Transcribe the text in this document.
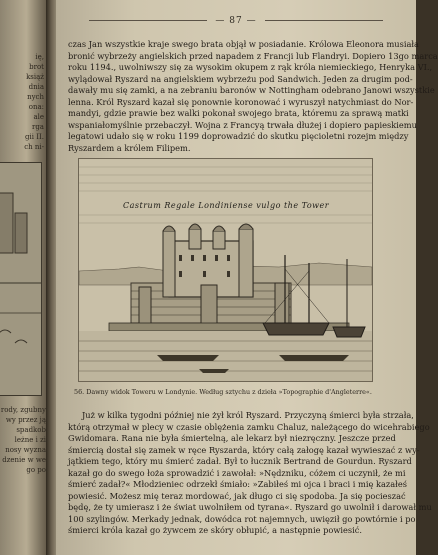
ię,
brot
książ
dnia
nych
ona:
ale
rga
gii II.
ch ni-
rody, zgubny wy przez ją spadkob leżne i zi nosy wyzna dzenie w we go po
— 87 —
czas Jan wszystkie kraje swego brata objął w posiadanie. Królowa Eleonora musiała
bronić wybrzeży angielskich przed napadem z Francji lub Flandryi. Dopiero 13go marca
roku 1194., uwolniwszy się za wysokim okupem z rąk króla niemieckiego, Henryka VI.,
wylądował Ryszard na angielskiem wybrzeżu pod Sandwich. Jeden za drugim pod-
dawały mu się zamki, a na zebraniu baronów w Nottingham odebrano Janowi wszystkie
lenna. Król Ryszard kazał się ponownie koronować i wyruszył natychmiast do Nor-
mandyi, gdzie prawie bez walki pokonał swojego brata, któremu za sprawą matki
wspaniałomyślnie przebaczył. Wojna z Francyą trwała dłużej i dopiero papieskiemu
legatowi udało się w roku 1199 doprowadzić do skutku pięcioletni rozejm między
Ryszardem a królem Filipem.
Castrum Regale Londiniense vulgo the Tower
56. Dawny widok Toweru w Londynie. Według sztychu z dzieła »Topographie d'Angleterre«.
Już w kilka tygodni później nie żył król Ryszard. Przyczyną śmierci była strzała,
którą otrzymał w plecy w czasie oblężenia zamku Chaluz, należącego do wicehrabiego
Gwidomara. Rana nie była śmiertelną, ale lekarz był niezręczny. Jeszcze przed
śmiercią dostał się zamek w ręce Ryszarda, który całą załogę kazał wywieszać z wy-
jątkiem tego, który mu śmierć zadał. Był to łucznik Bertrand de Gourdun. Ryszard
kazał go do swego łoża sprowadzić i zawołał: »Nędzniku, cóżem ci uczynił, że mi
śmierć zadał?« Młodzieniec odrzekł śmiało: »Zabiłeś mi ojca i braci i mię kazałeś
powiesić. Możesz mię teraz mordować, jak długo ci się spodoba. Ja się pocieszać
będę, że ty umierasz i że świat uwolniłem od tyrana«. Ryszard go uwolnił i darował mu
100 szylingów. Merkady jednak, dowódca rot najemnych, uwięził go powtórnie i po
śmierci króla kazał go żywcem ze skóry obłupić, a następnie powiesić.
